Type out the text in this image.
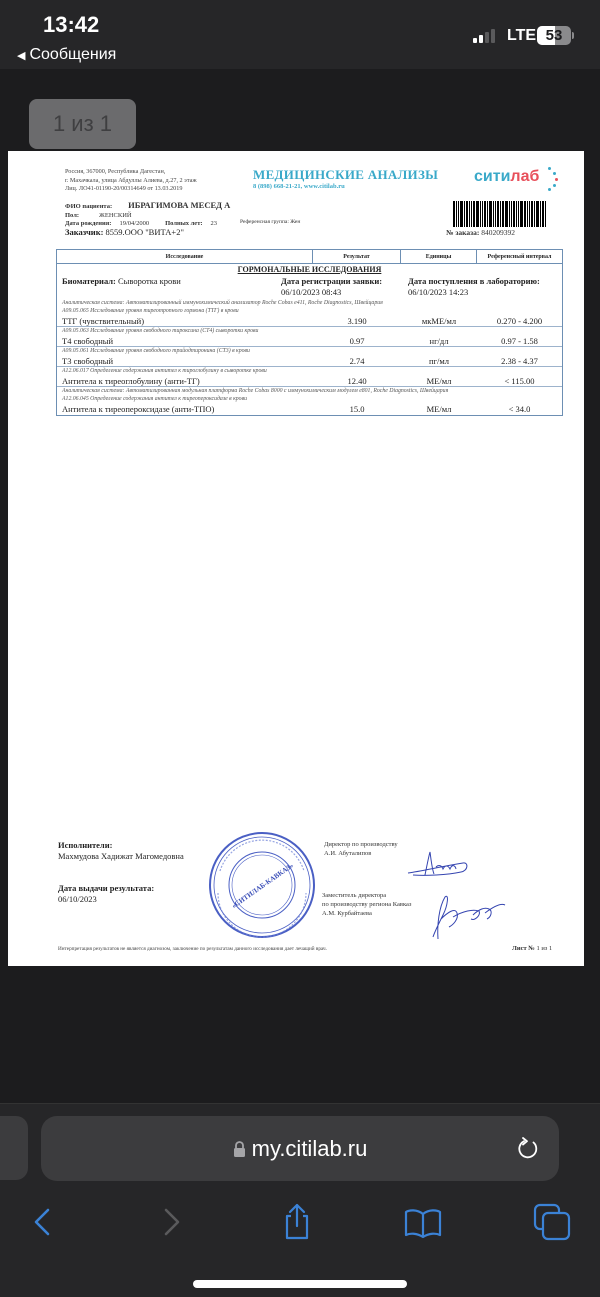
13:42
◀ Сообщения
LTE 53
1 из 1
Россия, 367000, Республика Дагестан,
г. Махачкала, улица Абдуллы Алиева, д.27, 2 этаж
Лиц. ЛО41-01190-20/00314649 от 13.03.2019
МЕДИЦИНСКИЕ АНАЛИЗЫ
8 (898) 668-21-21, www.citilab.ru
ситилаб
ФИО пациента: ИБРАГИМОВА МЕСЕД А
Пол:	ЖЕНСКИЙ
Дата рождения: 19/04/2000 Полных лет: 23	Референсная группа: Жен
Заказчик: 8559.ООО "ВИТА+2"	№ заказа: 840209392
Исследование	Результат	Единицы	Референсный интервал
ГОРМОНАЛЬНЫЕ ИССЛЕДОВАНИЯ
Биоматериал: Сыворотка крови	Дата регистрации заявки:
06/10/2023 08:43
Дата поступления в лабораторию:
06/10/2023 14:23
Аналитическая система: Автоматизированный иммунохимический анализатор Roche Cobas e411, Roche Diagnostics, Швейцария
A09.05.065 Исследование уровня тиреотропного гормона (ТТГ) в крови
ТТГ (чувствительный)	3.190	мкМЕ/мл	0.270 - 4.200
A09.05.063 Исследование уровня свободного тироксина (СТ4) сыворотки крови
Т4 свободный	0.97	нг/дл	0.97 - 1.58
A09.05.061 Исследование уровня свободного трийодтиронина (СТ3) в крови
Т3 свободный	2.74	пг/мл	2.38 - 4.37
A12.06.017 Определение содержания антител к тироглобулину в сыворотке крови
Антитела к тиреоглобулину (анти-ТГ)	12.40	МЕ/мл	< 115.00
Аналитическая система: Автоматизированная модульная платформа Roche Cobas 8000 с иммунохимическим модулем e801, Roche Diagnostics, Швейцария
A12.06.045 Определение содержания антител к тиреопероксидазе в крови
Антитела к тиреопероксидазе (анти-ТПО)	15.0	МЕ/мл	< 34.0
Исполнители:
Махмудова Хадижат Магомедовна
Дата выдачи результата:
06/10/2023	«СИТИЛАБ-КАВКАЗ»
Директор по производству
А.И. Абуталипов
Заместитель директора
по производству региона Кавказ
А.М. Курбайтаева
Интерпретация результатов не является диагнозом, заключение по результатам данного исследования дает лечащий врач.	Лист № 1 из 1
my.citilab.ru
